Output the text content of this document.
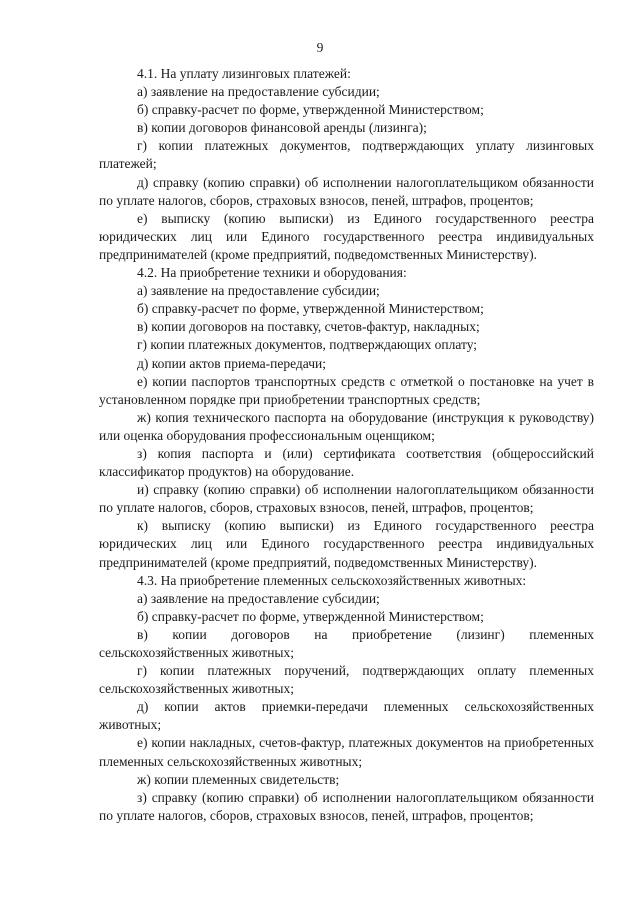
9

4.1. На уплату лизинговых платежей:

а) заявление на предоставление субсидии;

б) справку-расчет по форме, утвержденной Министерством;

в) копии договоров финансовой аренды (лизинга);

г) копии платежных документов, подтверждающих уплату лизинговых платежей;

д) справку (копию справки) об исполнении налогоплательщиком обязанности по уплате налогов, сборов, страховых взносов, пеней, штрафов, процентов;

е) выписку (копию выписки) из Единого государственного реестра юридических лиц или Единого государственного реестра индивидуальных предпринимателей (кроме предприятий, подведомственных Министерству).

4.2. На приобретение техники и оборудования:

а) заявление на предоставление субсидии;

б) справку-расчет по форме, утвержденной Министерством;

в) копии договоров на поставку, счетов-фактур, накладных;

г) копии платежных документов, подтверждающих оплату;

д) копии актов приема-передачи;

е) копии паспортов транспортных средств с отметкой о постановке на учет в установленном порядке при приобретении транспортных средств;

ж) копия технического паспорта на оборудование (инструкция к руководству) или оценка оборудования профессиональным оценщиком;

з) копия паспорта и (или) сертификата соответствия (общероссийский классификатор продуктов) на оборудование.

и) справку (копию справки) об исполнении налогоплательщиком обязанности по уплате налогов, сборов, страховых взносов, пеней, штрафов, процентов;

к) выписку (копию выписки) из Единого государственного реестра юридических лиц или Единого государственного реестра индивидуальных предпринимателей (кроме предприятий, подведомственных Министерству).

4.3. На приобретение племенных сельскохозяйственных животных:

а) заявление на предоставление субсидии;

б) справку-расчет по форме, утвержденной Министерством;

в) копии договоров на приобретение (лизинг) племенных сельскохозяйственных животных;

г) копии платежных поручений, подтверждающих оплату племенных сельскохозяйственных животных;

д) копии актов приемки-передачи племенных сельскохозяйственных животных;

е) копии накладных, счетов-фактур, платежных документов на приобретенных племенных сельскохозяйственных животных;

ж) копии племенных свидетельств;

з) справку (копию справки) об исполнении налогоплательщиком обязанности по уплате налогов, сборов, страховых взносов, пеней, штрафов, процентов;
